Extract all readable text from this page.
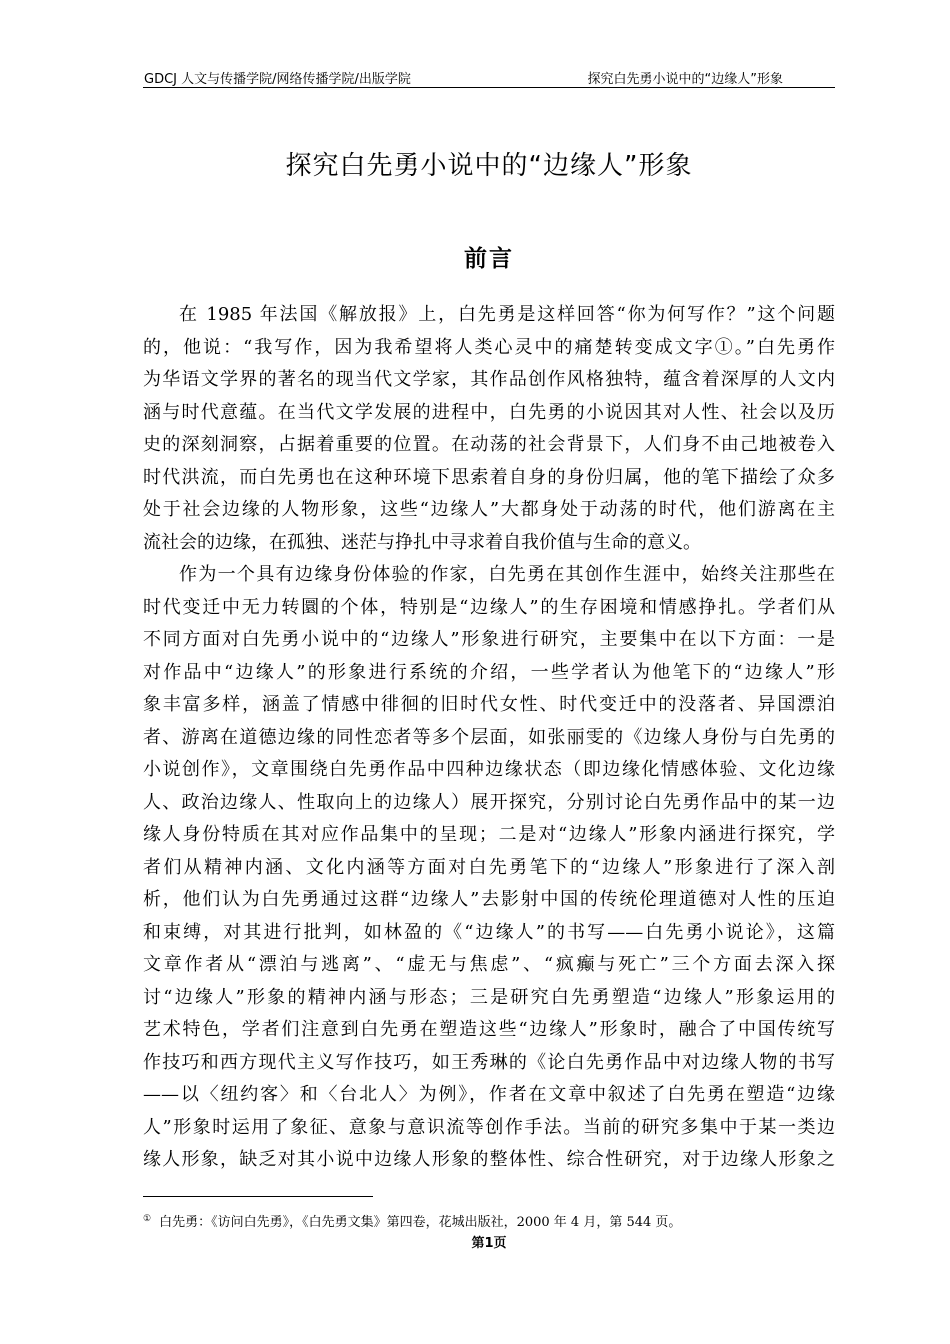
GDCJ 人文与传播学院/网络传播学院/出版学院	探究白先勇小说中的“边缘人”形象
探究白先勇小说中的“边缘人”形象
前言
在 1985 年法国《解放报》上，白先勇是这样回答“你为何写作？”这个问题
的，他说：“我写作，因为我希望将人类心灵中的痛楚转变成文字①。”白先勇作
为华语文学界的著名的现当代文学家，其作品创作风格独特，蕴含着深厚的人文内
涵与时代意蕴。在当代文学发展的进程中，白先勇的小说因其对人性、社会以及历
史的深刻洞察，占据着重要的位置。在动荡的社会背景下，人们身不由己地被卷入
时代洪流，而白先勇也在这种环境下思索着自身的身份归属，他的笔下描绘了众多
处于社会边缘的人物形象，这些“边缘人”大都身处于动荡的时代，他们游离在主
流社会的边缘，在孤独、迷茫与挣扎中寻求着自我价值与生命的意义。
作为一个具有边缘身份体验的作家，白先勇在其创作生涯中，始终关注那些在
时代变迁中无力转圜的个体，特别是“边缘人”的生存困境和情感挣扎。学者们从
不同方面对白先勇小说中的“边缘人”形象进行研究，主要集中在以下方面：一是
对作品中“边缘人”的形象进行系统的介绍，一些学者认为他笔下的“边缘人”形
象丰富多样，涵盖了情感中徘徊的旧时代女性、时代变迁中的没落者、异国漂泊
者、游离在道德边缘的同性恋者等多个层面，如张丽雯的《边缘人身份与白先勇的
小说创作》，文章围绕白先勇作品中四种边缘状态（即边缘化情感体验、文化边缘
人、政治边缘人、性取向上的边缘人）展开探究，分别讨论白先勇作品中的某一边
缘人身份特质在其对应作品集中的呈现；二是对“边缘人”形象内涵进行探究，学
者们从精神内涵、文化内涵等方面对白先勇笔下的“边缘人”形象进行了深入剖
析，他们认为白先勇通过这群“边缘人”去影射中国的传统伦理道德对人性的压迫
和束缚，对其进行批判，如林盈的《“边缘人”的书写——白先勇小说论》，这篇
文章作者从“漂泊与逃离”、“虚无与焦虑”、“疯癫与死亡”三个方面去深入探
讨“边缘人”形象的精神内涵与形态；三是研究白先勇塑造“边缘人”形象运用的
艺术特色，学者们注意到白先勇在塑造这些“边缘人”形象时，融合了中国传统写
作技巧和西方现代主义写作技巧，如王秀琳的《论白先勇作品中对边缘人物的书写
——以〈纽约客〉和〈台北人〉为例》，作者在文章中叙述了白先勇在塑造“边缘
人”形象时运用了象征、意象与意识流等创作手法。当前的研究多集中于某一类边
缘人形象，缺乏对其小说中边缘人形象的整体性、综合性研究，对于边缘人形象之
① 白先勇：《访问白先勇》，《白先勇文集》第四卷，花城出版社，2000 年 4 月，第 544 页。
第1页
